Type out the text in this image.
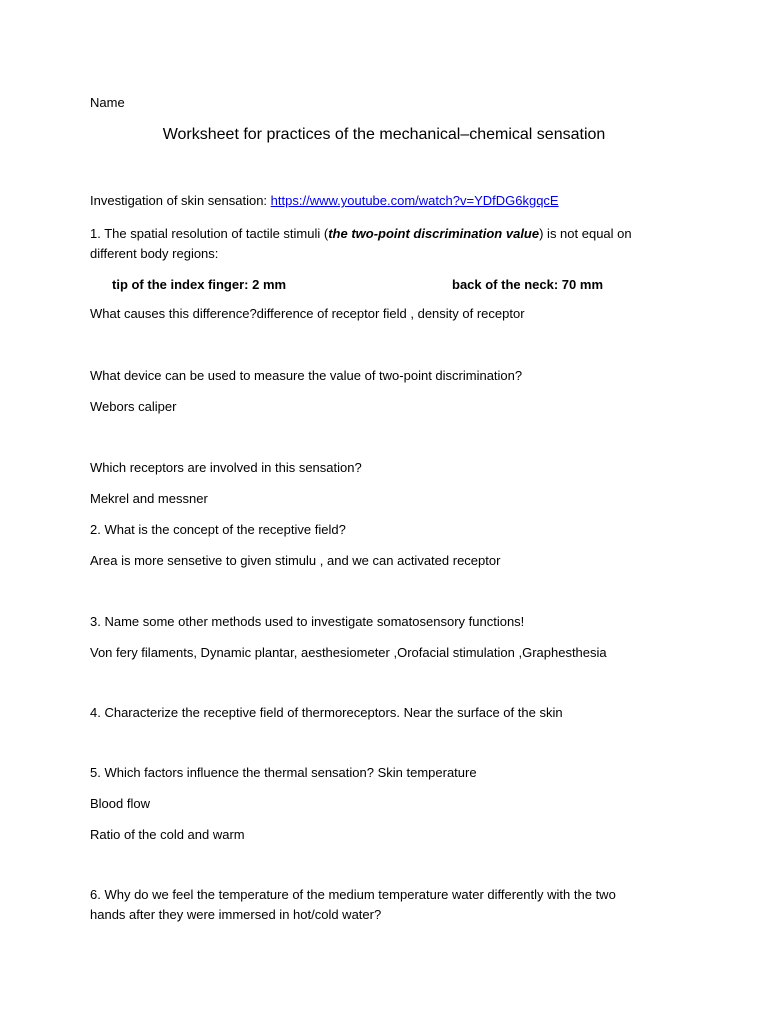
Name
Worksheet for practices of the mechanical–chemical sensation
Investigation of skin sensation: https://www.youtube.com/watch?v=YDfDG6kgqcE
1. The spatial resolution of tactile stimuli (the two-point discrimination value) is not equal on
different body regions:
tip of the index finger: 2 mm	back of the neck: 70 mm
What causes this difference?difference of receptor field , density of receptor
What device can be used to measure the value of two-point discrimination?
Webors caliper
Which receptors are involved in this sensation?
Mekrel and messner
2. What is the concept of the receptive field?
Area is more sensetive to given stimulu , and we can activated receptor
3. Name some other methods used to investigate somatosensory functions!
Von fery filaments, Dynamic plantar, aesthesiometer ,Orofacial stimulation ,Graphesthesia
4. Characterize the receptive field of thermoreceptors. Near the surface of the skin
5. Which factors influence the thermal sensation? Skin temperature
Blood flow
Ratio of the cold and warm
6. Why do we feel the temperature of the medium temperature water differently with the two
hands after they were immersed in hot/cold water?
